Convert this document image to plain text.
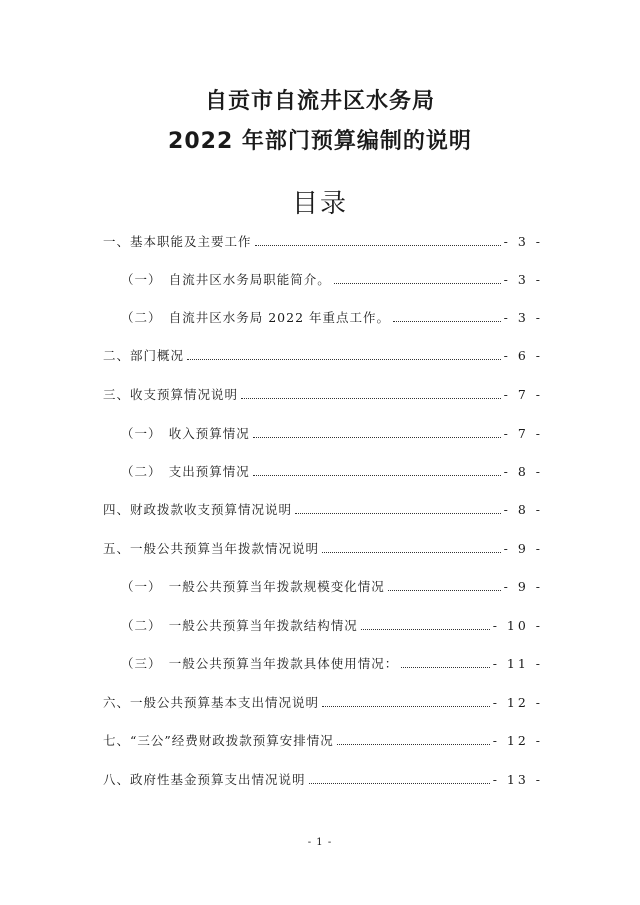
自贡市自流井区水务局
2022 年部门预算编制的说明
目录
一、基本职能及主要工作	- 3 -
（一）　自流井区水务局职能简介。	- 3 -
（二）　自流井区水务局 2022 年重点工作。	- 3 -
二、部门概况	- 6 -
三、收支预算情况说明	- 7 -
（一）　收入预算情况	- 7 -
（二）　支出预算情况	- 8 -
四、财政拨款收支预算情况说明	- 8 -
五、一般公共预算当年拨款情况说明	- 9 -
（一）　一般公共预算当年拨款规模变化情况	- 9 -
（二）　一般公共预算当年拨款结构情况	- 10 -
（三）　一般公共预算当年拨款具体使用情况：	- 11 -
六、一般公共预算基本支出情况说明	- 12 -
七、“三公”经费财政拨款预算安排情况	- 12 -
八、政府性基金预算支出情况说明	- 13 -
- 1 -
